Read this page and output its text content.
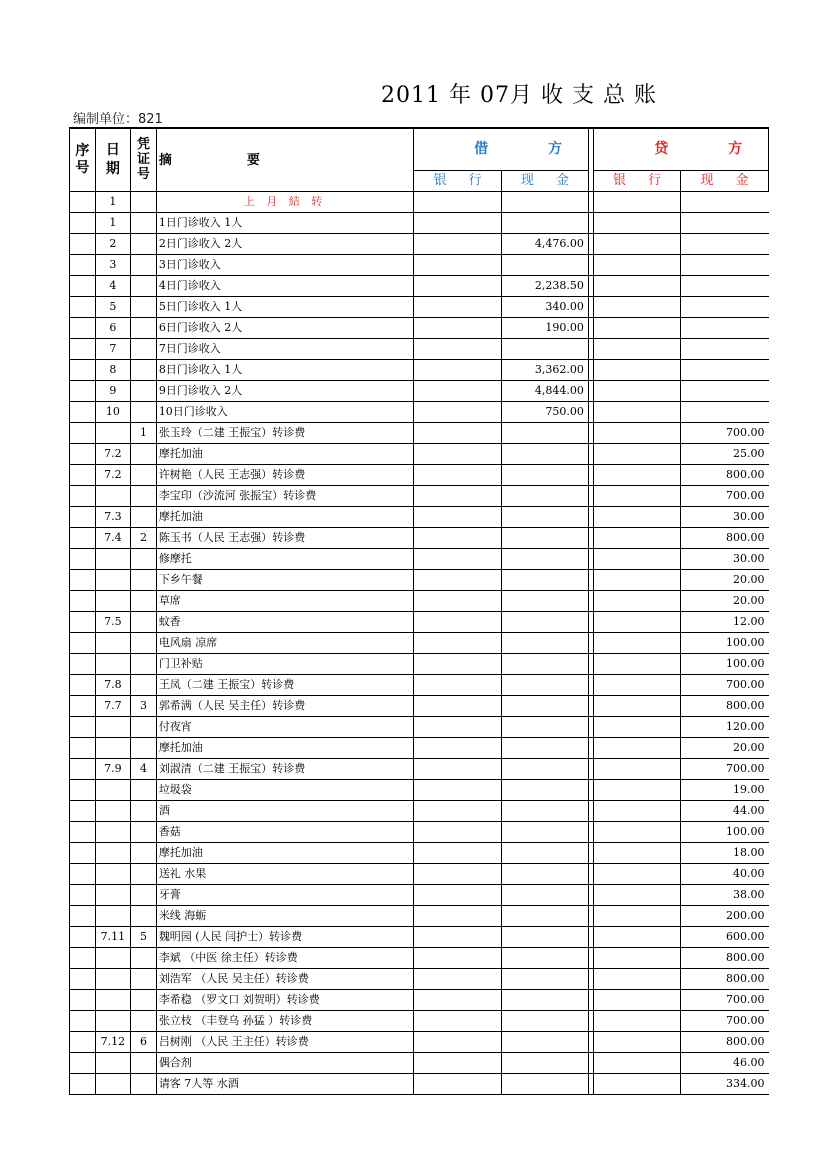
2011 年 07月 收 支 总 账
编制单位：821
序号	日期	凭证号	摘 要	借方			贷方	
				银 行	现 金		银 行	现 金
	1		上 月 結 转					
	1		1日门诊收入 1人					
	2		2日门诊收入 2人		4,476.00			
	3		3日门诊收入					
	4		4日门诊收入		2,238.50			
	5		5日门诊收入 1人		340.00			
	6		6日门诊收入 2人		190.00			
	7		7日门诊收入					
	8		8日门诊收入 1人		3,362.00			
	9		9日门诊收入 2人		4,844.00			
	10		10日门诊收入		750.00			
		1	张玉玲（二建 王振宝）转诊费					700.00
	7.2		摩托加油					25.00
	7.2		许树艳（人民 王志强）转诊费					800.00
			李宝印（沙流河 张振宝）转诊费					700.00
	7.3		摩托加油					30.00
	7.4	2	陈玉书（人民 王志强）转诊费					800.00
			修摩托					30.00
			下乡午餐					20.00
			草席					20.00
	7.5		蚊香					12.00
			电风扇 凉席					100.00
			门卫补贴					100.00
	7.8		王凤（二建 王振宝）转诊费					700.00
	7.7	3	郭希满（人民 吴主任）转诊费					800.00
			付夜宵					120.00
			摩托加油					20.00
	7.9	4	刘淑清（二建 王振宝）转诊费					700.00
			垃圾袋					19.00
			酒					44.00
			香菇					100.00
			摩托加油					18.00
			送礼 水果					40.00
			牙膏					38.00
			米线 海蛎					200.00
	7.11	5	魏明园 (人民 闫护士）转诊费					600.00
			李斌 （中医 徐主任）转诊费					800.00
			刘浩军 （人民 吴主任）转诊费					800.00
			李希稳 （罗文口 刘贺明）转诊费					700.00
			张立枝 （丰登乌 孙猛 ）转诊费					700.00
	7.12	6	吕树刚 （人民 王主任）转诊费					800.00
			偶合剂					46.00
			请客 7人等 水酒					334.00
